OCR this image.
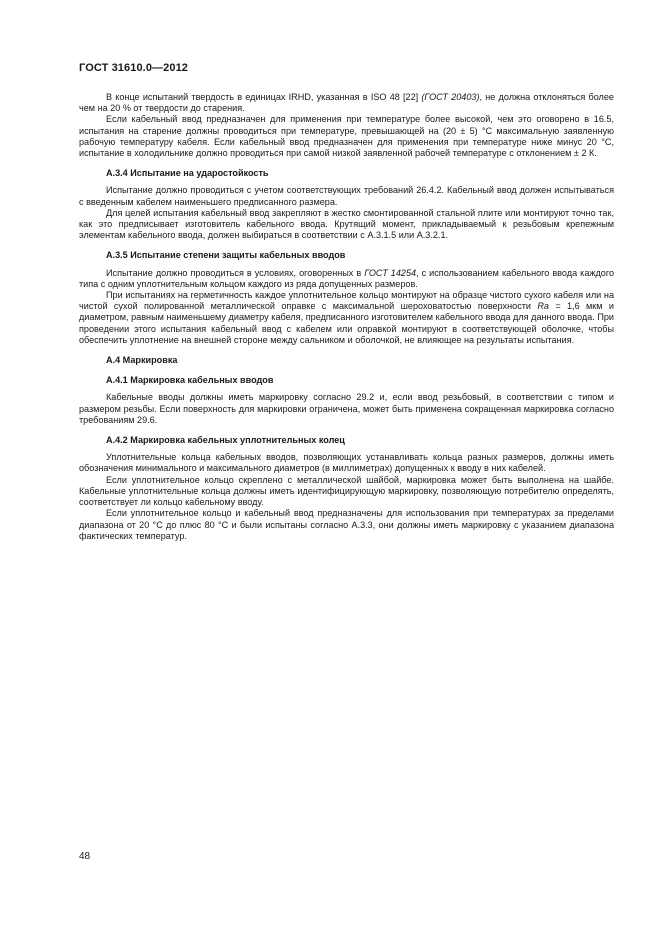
ГОСТ 31610.0—2012

В конце испытаний твердость в единицах IRHD, указанная в ISO 48 [22] (ГОСТ 20403), не должна отклоняться более чем на 20 % от твердости до старения.

Если кабельный ввод предназначен для применения при температуре более высокой, чем это оговорено в 16.5, испытания на старение должны проводиться при температуре, превышающей на (20 ± 5) °С максимальную заявленную рабочую температуру кабеля. Если кабельный ввод предназначен для применения при температуре ниже минус 20 °С, испытание в холодильнике должно проводиться при самой низкой заявленной рабочей температуре с отклонением ± 2 К.

А.3.4 Испытание на ударостойкость

Испытание должно проводиться с учетом соответствующих требований 26.4.2. Кабельный ввод должен испытываться с введенным кабелем наименьшего предписанного размера.

Для целей испытания кабельный ввод закрепляют в жестко смонтированной стальной плите или монтируют точно так, как это предписывает изготовитель кабельного ввода. Крутящий момент, прикладываемый к резьбовым крепежным элементам кабельного ввода, должен выбираться в соответствии с А.3.1.5 или А.3.2.1.

А.3.5 Испытание степени защиты кабельных вводов

Испытание должно проводиться в условиях, оговоренных в ГОСТ 14254, с использованием кабельного ввода каждого типа с одним уплотнительным кольцом каждого из ряда допущенных размеров.

При испытаниях на герметичность каждое уплотнительное кольцо монтируют на образце чистого сухого кабеля или на чистой сухой полированной металлической оправке с максимальной шероховатостью поверхности Ra = 1,6 мкм и диаметром, равным наименьшему диаметру кабеля, предписанного изготовителем кабельного ввода для данного ввода. При проведении этого испытания кабельный ввод с кабелем или оправкой монтируют в соответствующей оболочке, чтобы обеспечить уплотнение на внешней стороне между сальником и оболочкой, не влияющее на результаты испытания.

А.4 Маркировка
А.4.1 Маркировка кабельных вводов

Кабельные вводы должны иметь маркировку согласно 29.2 и, если ввод резьбовый, в соответствии с типом и размером резьбы. Если поверхность для маркировки ограничена, может быть применена сокращенная маркировка согласно требованиям 29.6.

А.4.2 Маркировка кабельных уплотнительных колец

Уплотнительные кольца кабельных вводов, позволяющих устанавливать кольца разных размеров, должны иметь обозначения минимального и максимального диаметров (в миллиметрах) допущенных к вводу в них кабелей.

Если уплотнительное кольцо скреплено с металлической шайбой, маркировка может быть выполнена на шайбе. Кабельные уплотнительные кольца должны иметь идентифицирующую маркировку, позволяющую потребителю определять, соответствует ли кольцо кабельному вводу.

Если уплотнительное кольцо и кабельный ввод предназначены для использования при температурах за пределами диапазона от 20 °С до плюс 80 °С и были испытаны согласно А.3.3, они должны иметь маркировку с указанием диапазона фактических температур.

48
